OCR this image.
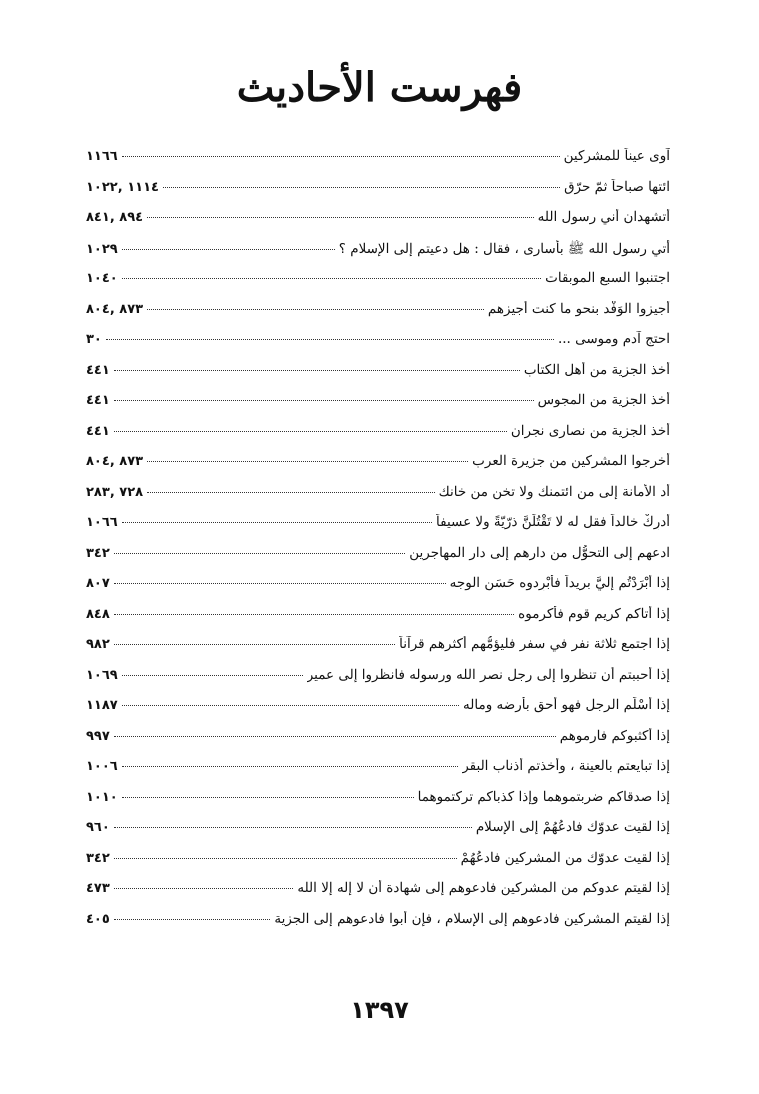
فهرست الأحاديث
١١٦٦	آوى عيناً للمشركين
١١١٤ ,١٠٢٢	ائتها صباحاً ثمّ حرّق
٨٩٤ ,٨٤١	أتشهدان أني رسول الله
١٠٢٩	أُتي رسول الله ﷺ بأسارى ، فقال : هل دعيتم إلى الإسلام ؟
١٠٤٠	اجتنبوا السبع الموبقات
٨٧٣ ,٨٠٤	أجيزوا الوَفْد بنحو ما كنت أجيزهم
٣٠	احتج آدم وموسى ...
٤٤١	أخذ الجزية من أهل الكتاب
٤٤١	أخذ الجزية من المجوس
٤٤١	أخذ الجزية من نصارى نجران
٨٧٣ ,٨٠٤	أخرجوا المشركين من جزيرة العرب
٧٢٨ ,٢٨٣	أد الأمانة إلى من ائتمنك ولا تخن من خانك
١٠٦٦	أدرِكْ خالداً فقل له لا تَقْتُلَنَّ ذرّيّةً ولا عسيفاً
٣٤٢	ادعهم إلى التحوُّل من دارهم إلى دار المهاجرين
٨٠٧	إذا أَبْرَدْتُم إليَّ بريداً فأَبْرِدوه حَسَن الوجه
٨٤٨	إذا أتاكم كريم قومٍ فأكرموه
٩٨٢	إذا اجتمع ثلاثة نفر في سفر فليؤمُّهم أكثرهم قرآناً
١٠٦٩	إذا أحببتم أن تنظروا إلى رجل نصر الله ورسوله فانظروا إلى عمير
١١٨٧	إذا أَسْلَم الرجل فهو أحق بأرضه وماله
٩٩٧	إذا أكثبوكم فارموهم
١٠٠٦	إذا تبايعتم بالعينة ، وأخذتم أذناب البقر
١٠١٠	إذا صدقاكم ضربتموهما وإذا كذباكم تركتموهما
٩٦٠	إذا لقيت عدوّك فادعُهُمْ إلى الإسلام
٣٤٢	إذا لقيت عدوّك من المشركين فادعُهُمْ
٤٧٣	إذا لقيتم عدوكم من المشركين فادعوهم إلى شهادة أن لا إله إلا الله
٤٠٥	إذا لقيتم المشركين فادعوهم إلى الإسلام ، فإن أبوا فادعوهم إلى الجزية
١٣٩٧
